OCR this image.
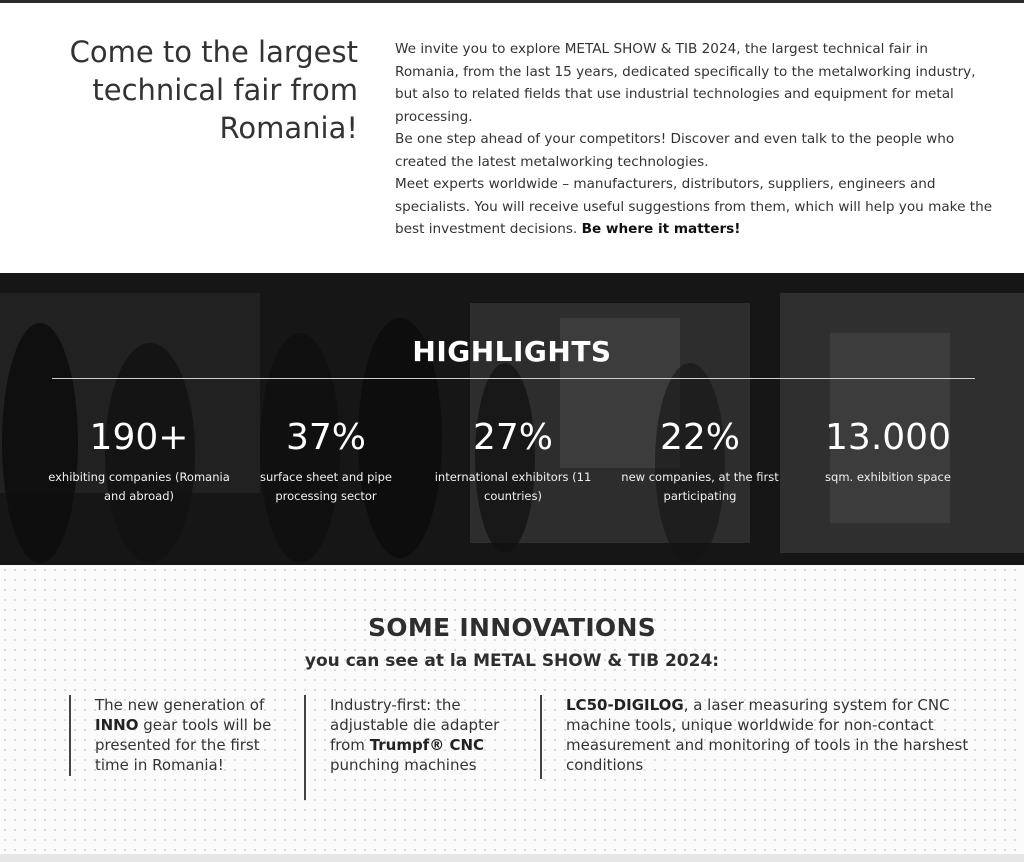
Come to the largest technical fair from Romania!

We invite you to explore METAL SHOW & TIB 2024, the largest technical fair in Romania, from the last 15 years, dedicated specifically to the metalworking industry, but also to related fields that use industrial technologies and equipment for metal processing.

Be one step ahead of your competitors! Discover and even talk to the people who created the latest metalworking technologies.

Meet experts worldwide – manufacturers, distributors, suppliers, engineers and specialists. You will receive useful suggestions from them, which will help you make the best investment decisions. Be where it matters!

HIGHLIGHTS
190+
exhibiting companies (Romania and abroad)
37%
surface sheet and pipe processing sector
27%
international exhibitors (11 countries)
22%
new companies, at the first participating
13.000
sqm. exhibition space
SOME INNOVATIONS
you can see at la METAL SHOW & TIB 2024:

The new generation of INNO gear tools will be presented for the first time in Romania!

Industry-first: the adjustable die adapter from Trumpf® CNC punching machines

LC50-DIGILOG, a laser measuring system for CNC machine tools, unique worldwide for non-contact measurement and monitoring of tools in the harshest conditions
